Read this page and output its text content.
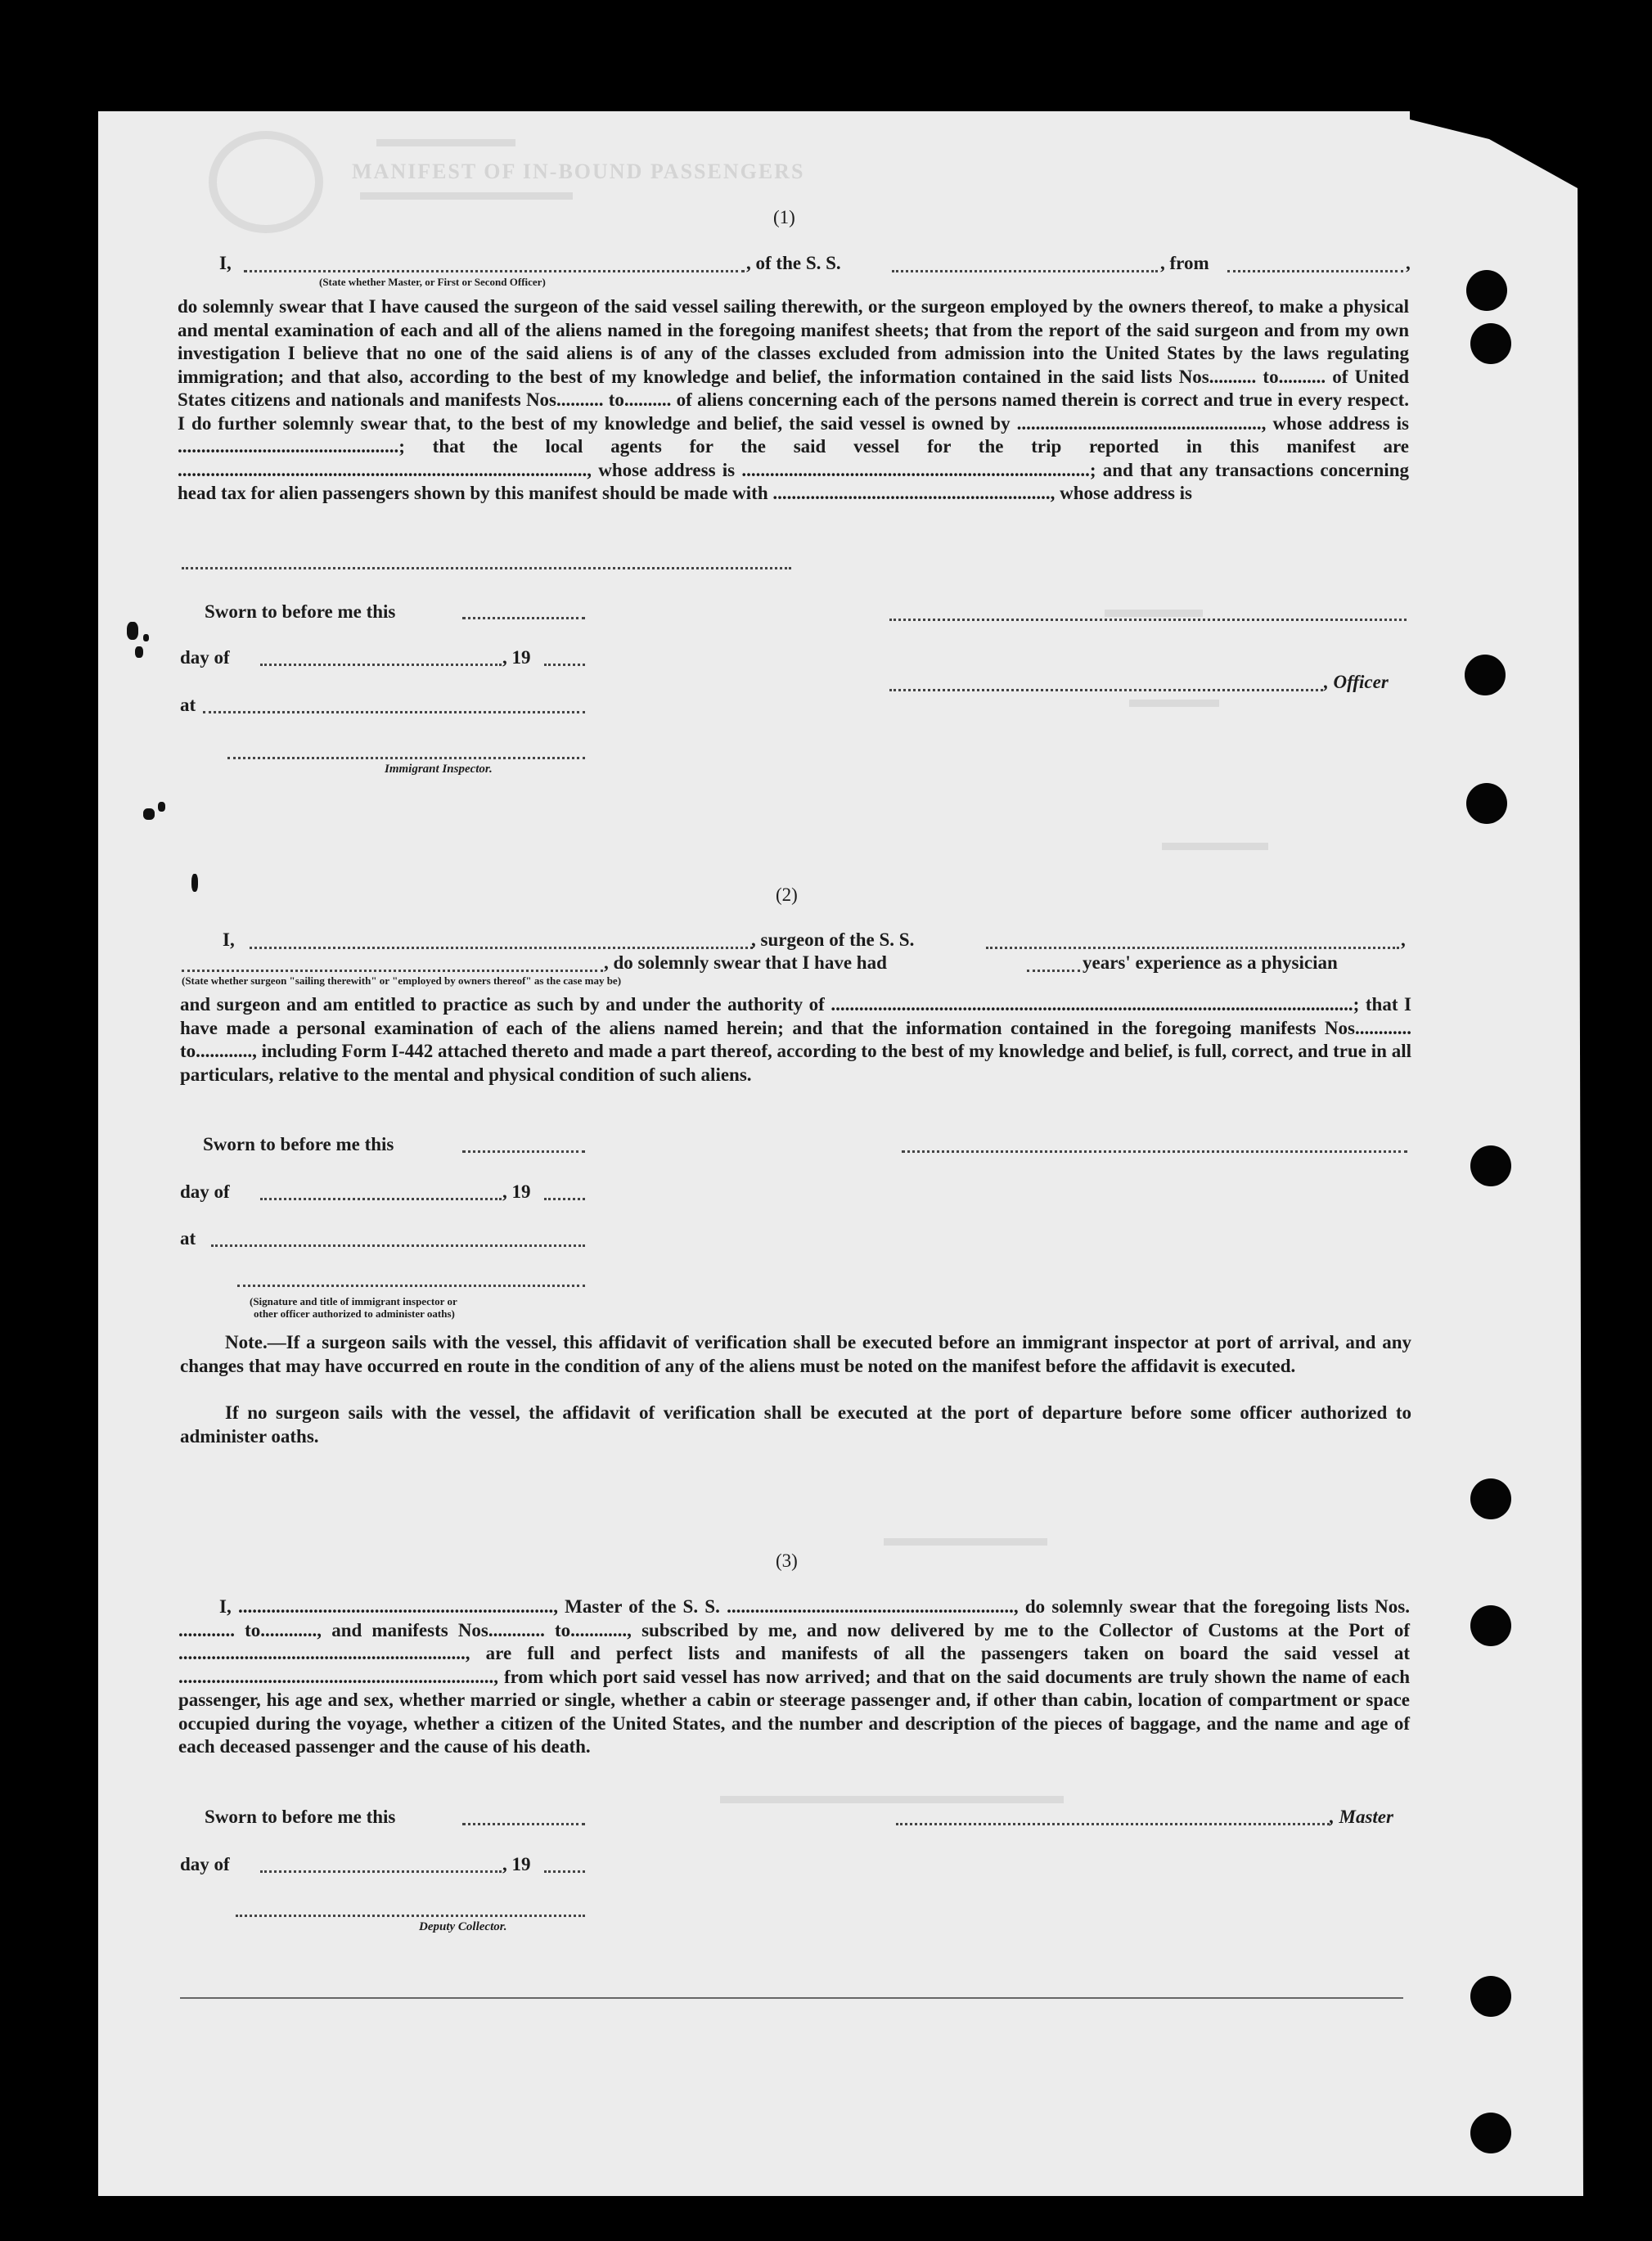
MANIFEST OF IN-BOUND PASSENGERS
(1)
I,
(State whether Master, or First or Second Officer)
, of the S. S.	, from	,
do solemnly swear that I have caused the surgeon of the said vessel sailing therewith, or the surgeon employed by the owners thereof, to make a physical and mental examination of each and all of the aliens named in the foregoing manifest sheets; that from the report of the said surgeon and from my own investigation I believe that no one of the said aliens is of any of the classes excluded from admission into the United States by the laws regulating immigration; and that also, according to the best of my knowledge and belief, the information contained in the said lists Nos.......... to.......... of United States citizens and nationals and manifests Nos.......... to.......... of aliens concerning each of the persons named therein is correct and true in every respect. I do further solemnly swear that, to the best of my knowledge and belief, the said vessel is owned by ...................................................., whose address is ...............................................; that the local agents for the said vessel for the trip reported in this manifest are ......................................................................................., whose address is ..........................................................................; and that any transactions concerning head tax for alien passengers shown by this manifest should be made with ..........................................................., whose address is
Sworn to before me this
day of	, 19
at
Immigrant Inspector.
, Officer
(2)
I,	, surgeon of the S. S.	,
, do solemnly swear that I have had	years' experience as a physician
(State whether surgeon "sailing therewith" or "employed by owners thereof" as the case may be)
and surgeon and am entitled to practice as such by and under the authority of ...............................................................................................................; that I have made a personal examination of each of the aliens named herein; and that the information contained in the foregoing manifests Nos............ to............, including Form I-442 attached thereto and made a part thereof, according to the best of my knowledge and belief, is full, correct, and true in all particulars, relative to the mental and physical condition of such aliens.
Sworn to before me this
day of	, 19
at
(Signature and title of immigrant inspector or
other officer authorized to administer oaths)
Note.—If a surgeon sails with the vessel, this affidavit of verification shall be executed before an immigrant inspector at port of arrival, and any changes that may have occurred en route in the condition of any of the aliens must be noted on the manifest before the affidavit is executed.
If no surgeon sails with the vessel, the affidavit of verification shall be executed at the port of departure before some officer authorized to administer oaths.
(3)
I, ..................................................................., Master of the S. S. ............................................................., do solemnly swear that the foregoing lists Nos. ............ to............, and manifests Nos............ to............, subscribed by me, and now delivered by me to the Collector of Customs at the Port of ............................................................., are full and perfect lists and manifests of all the passengers taken on board the said vessel at ..................................................................., from which port said vessel has now arrived; and that on the said documents are truly shown the name of each passenger, his age and sex, whether married or single, whether a cabin or steerage passenger and, if other than cabin, location of compartment or space occupied during the voyage, whether a citizen of the United States, and the number and description of the pieces of baggage, and the name and age of each deceased passenger and the cause of his death.
Sworn to before me this	, Master
day of	, 19
Deputy Collector.
